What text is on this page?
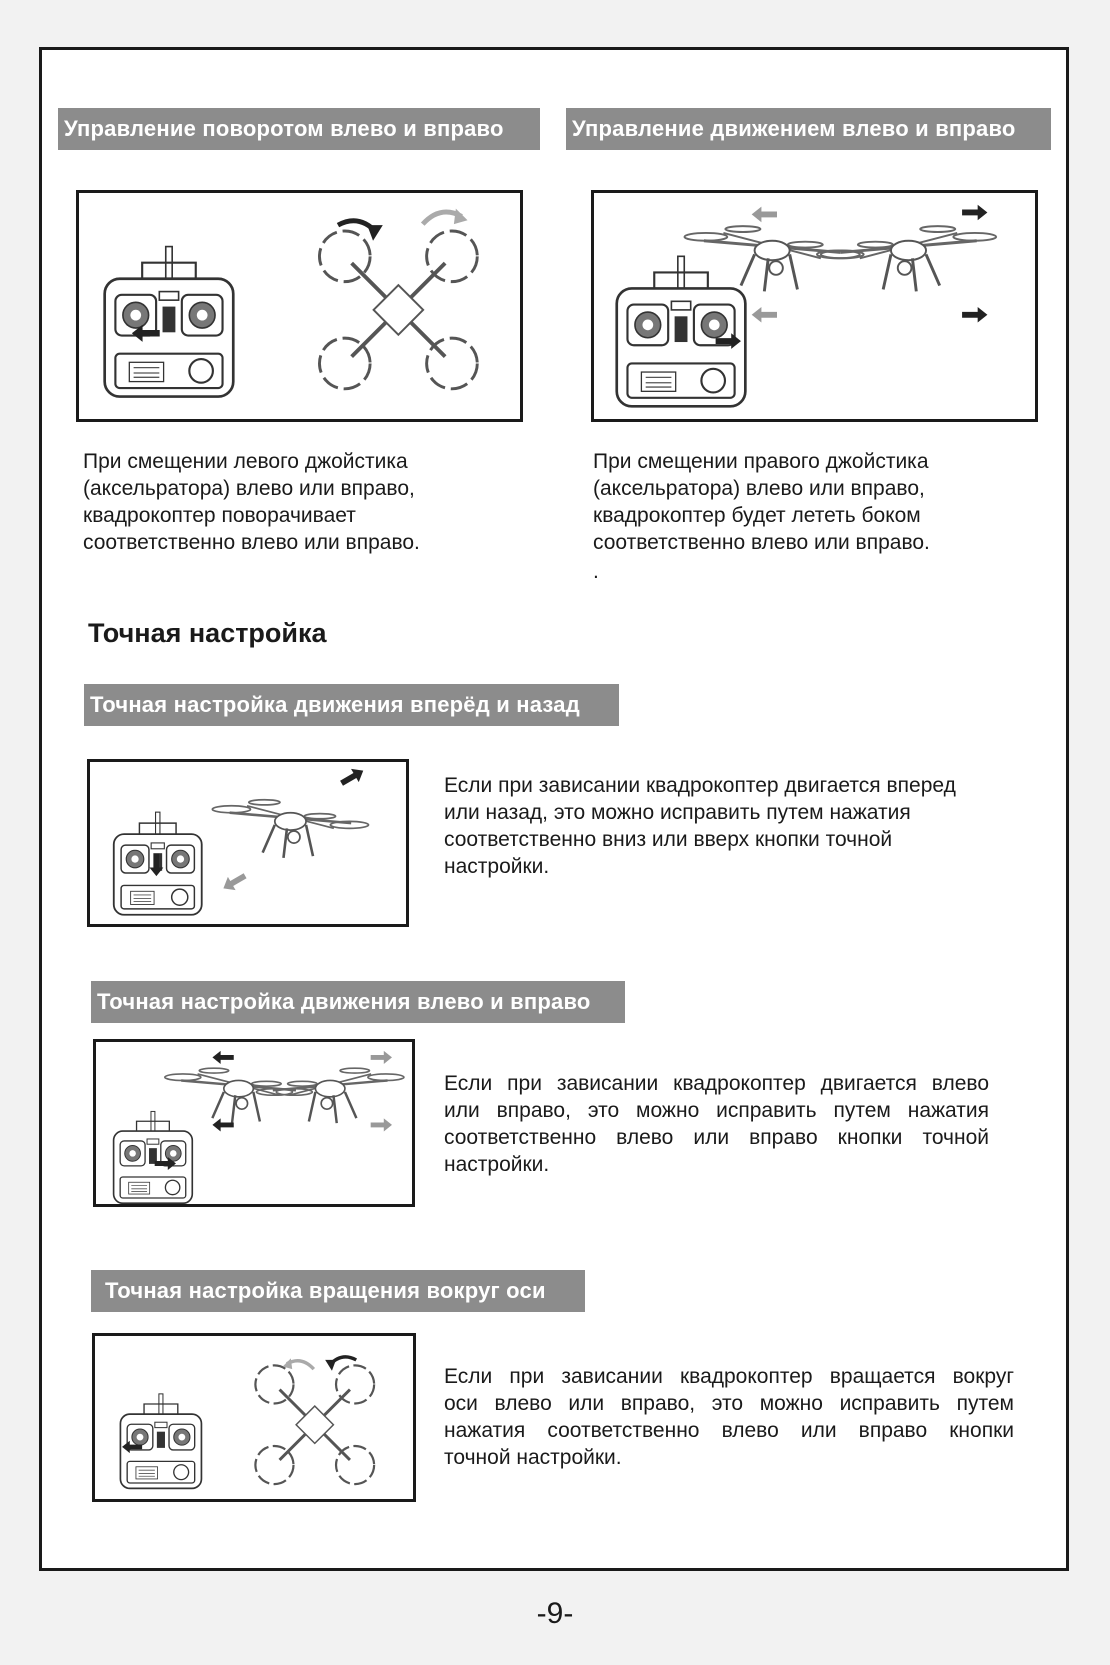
Управление поворотом влево и вправо	Управление движением влево и вправо
При смещении левого джойстика
(аксельратора) влево или вправо,
квадрокоптер поворачивает
соответственно влево или вправо.
При смещении правого джойстика
(аксельратора) влево или вправо,
квадрокоптер будет лететь боком
соответственно влево или вправо.
.
Точная настройка
Точная настройка движения вперёд и назад
Если при зависании квадрокоптер двигается вперед
или назад, это можно исправить путем нажатия
соответственно вниз или вверх кнопки точной
настройки.
Точная настройка движения влево и вправо
Если при зависании квадрокоптер двигается влево
или вправо, это можно исправить путем нажатия
соответственно влево или вправо кнопки точной
настройки.
Точная настройка вращения вокруг оси
Если при зависании квадрокоптер вращается вокруг
оси влево или вправо, это можно исправить путем
нажатия соответственно влево или вправо кнопки
точной настройки.
-9-
